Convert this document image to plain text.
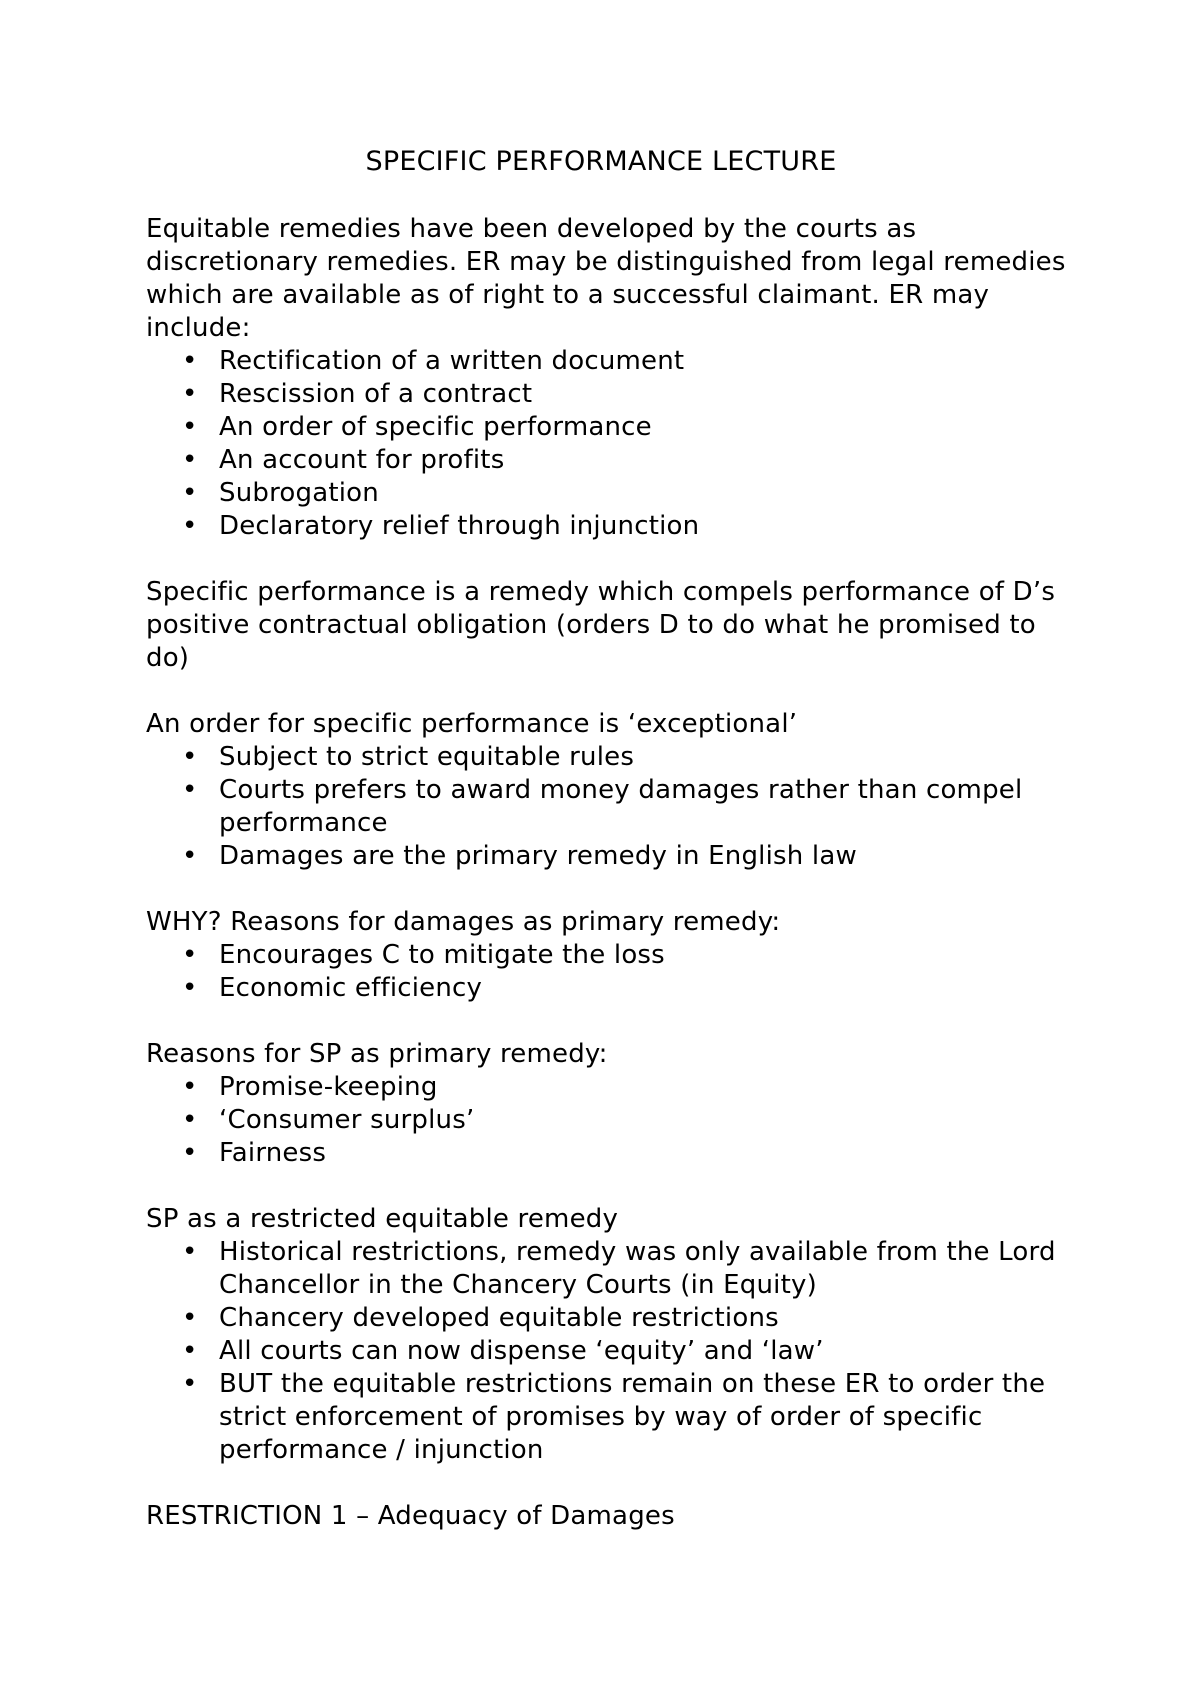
SPECIFIC PERFORMANCE LECTURE

Equitable remedies have been developed by the courts as discretionary remedies. ER may be distinguished from legal remedies which are available as of right to a successful claimant. ER may include:

• Rectification of a written document
• Rescission of a contract
• An order of specific performance
• An account for profits
• Subrogation
• Declaratory relief through injunction

Specific performance is a remedy which compels performance of D’s positive contractual obligation (orders D to do what he promised to do)

An order for specific performance is ‘exceptional’

• Subject to strict equitable rules
• Courts prefers to award money damages rather than compel performance
• Damages are the primary remedy in English law

WHY? Reasons for damages as primary remedy:

• Encourages C to mitigate the loss
• Economic efficiency

Reasons for SP as primary remedy:

• Promise-keeping
• ‘Consumer surplus’
• Fairness

SP as a restricted equitable remedy

• Historical restrictions, remedy was only available from the Lord Chancellor in the Chancery Courts (in Equity)
• Chancery developed equitable restrictions
• All courts can now dispense ‘equity’ and ‘law’
• BUT the equitable restrictions remain on these ER to order the strict enforcement of promises by way of order of specific performance / injunction

RESTRICTION 1 – Adequacy of Damages
